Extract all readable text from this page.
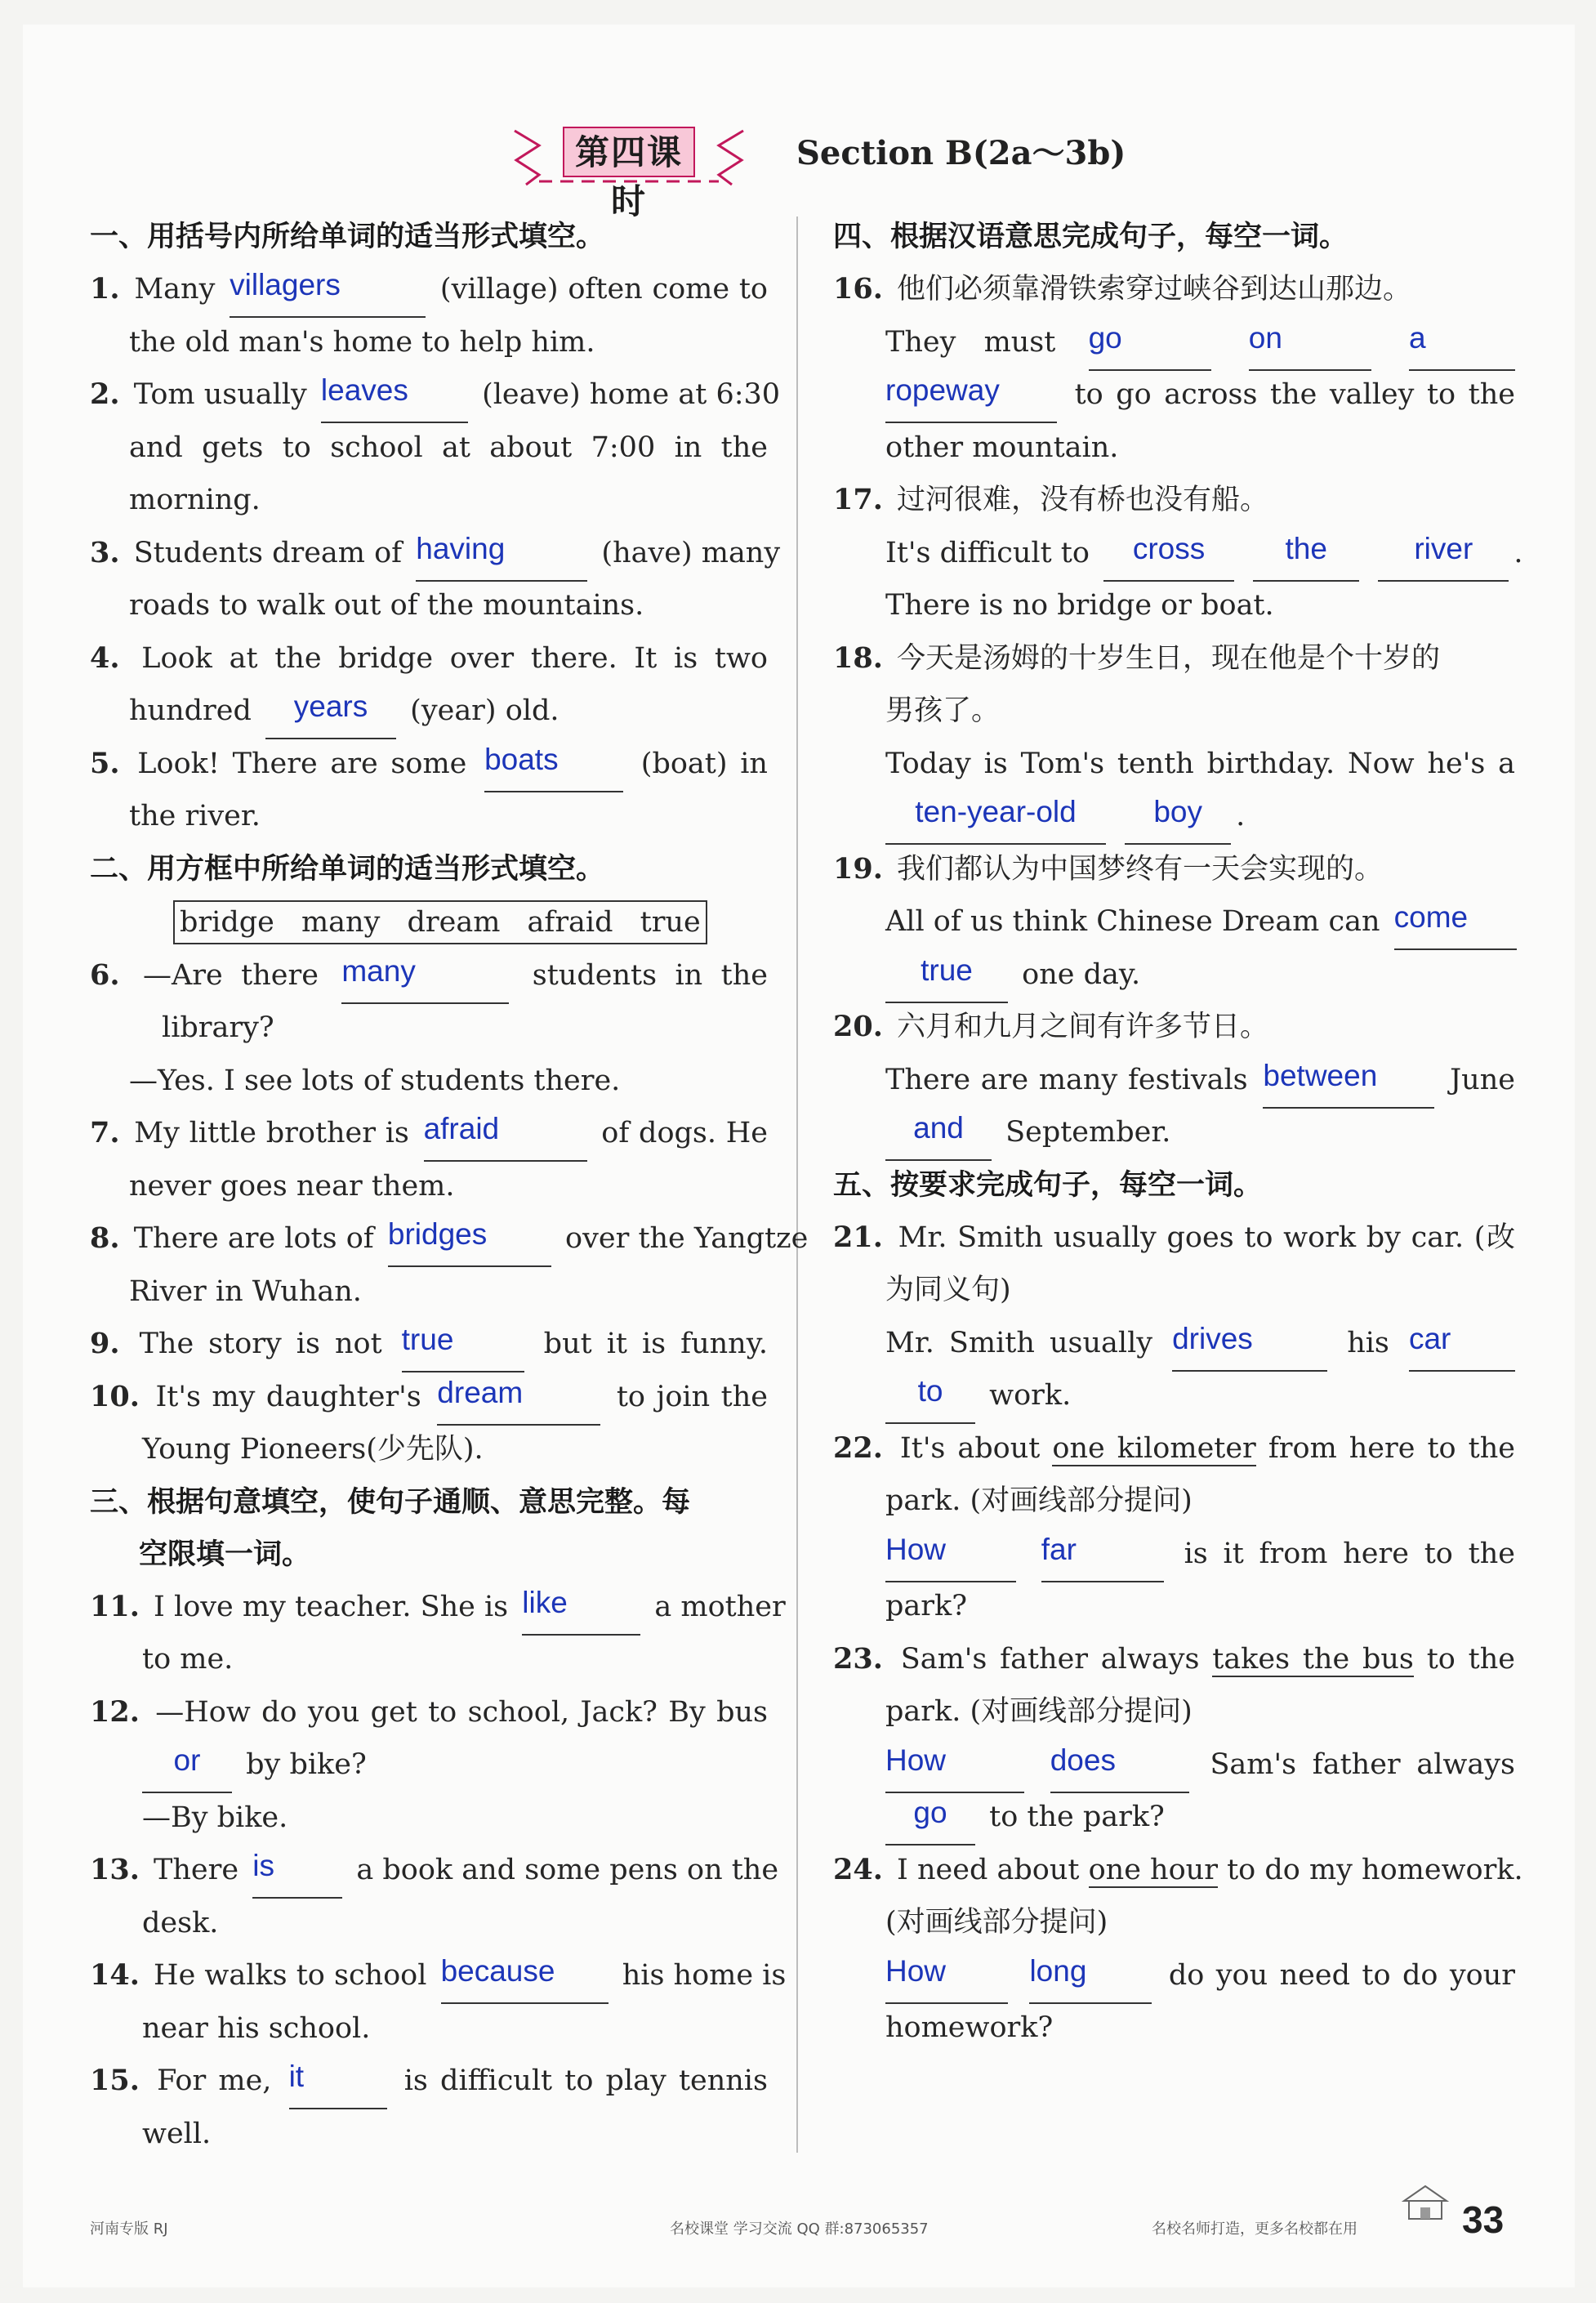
第四课时
Section B(2a～3b)
一、用括号内所给单词的适当形式填空。
1. Many villagers	(village) often come to
the old man's home to help him.
2. Tom usually leaves	(leave) home at 6:30
and gets to school at about 7:00 in the
morning.
3. Students dream of having	(have) many
roads to walk out of the mountains.
4. Look at the bridge over there. It is two
hundred years (year) old.
5. Look! There are some boats	(boat) in
the river.
二、用方框中所给单词的适当形式填空。
bridge many dream afraid true
6. —Are there many	students in the
library?
—Yes. I see lots of students there.
7. My little brother is afraid	of dogs. He
never goes near them.
8. There are lots of bridges	over the Yangtze
River in Wuhan.
9. The story is not true	but it is funny.
10. It's my daughter's dream	to join the
Young Pioneers(少先队).
三、根据句意填空，使句子通顺、意思完整。每
空限填一词。
11. I love my teacher. She is like	a mother
to me.
12. —How do you get to school, Jack? By bus
or by bike?
—By bike.
13. There is	a book and some pens on the
desk.
14. He walks to school because his home is
near his school.
15. For me, it	is difficult to play tennis
well.
四、根据汉语意思完成句子，每空一词。
16. 他们必须靠滑铁索穿过峡谷到达山那边。
They must go	on	a
ropeway	to go across the valley to the
other mountain.
17. 过河很难，没有桥也没有船。
It's difficult to cross	the	river .
There is no bridge or boat.
18. 今天是汤姆的十岁生日，现在他是个十岁的
男孩了。
Today is Tom's tenth birthday. Now he's a
ten-year-old	boy .
19. 我们都认为中国梦终有一天会实现的。
All of us think Chinese Dream can come
true one day.
20. 六月和九月之间有许多节日。
There are many festivals between	June
and September.
五、按要求完成句子，每空一词。
21. Mr. Smith usually goes to work by car. (改
为同义句)
Mr. Smith usually drives	his car
to work.
22. It's about one kilometer from here to the
park. (对画线部分提问)
How	far	is it from here to the
park?
23. Sam's father always takes the bus to the
park. (对画线部分提问)
How	does	Sam's father always
go to the park?
24. I need about one hour to do my homework.
(对画线部分提问)
How	long	do you need to do your
homework?
河南专版 RJ	名校课堂 学习交流 QQ 群:873065357	名校名师打造，更多名校都在用	33
